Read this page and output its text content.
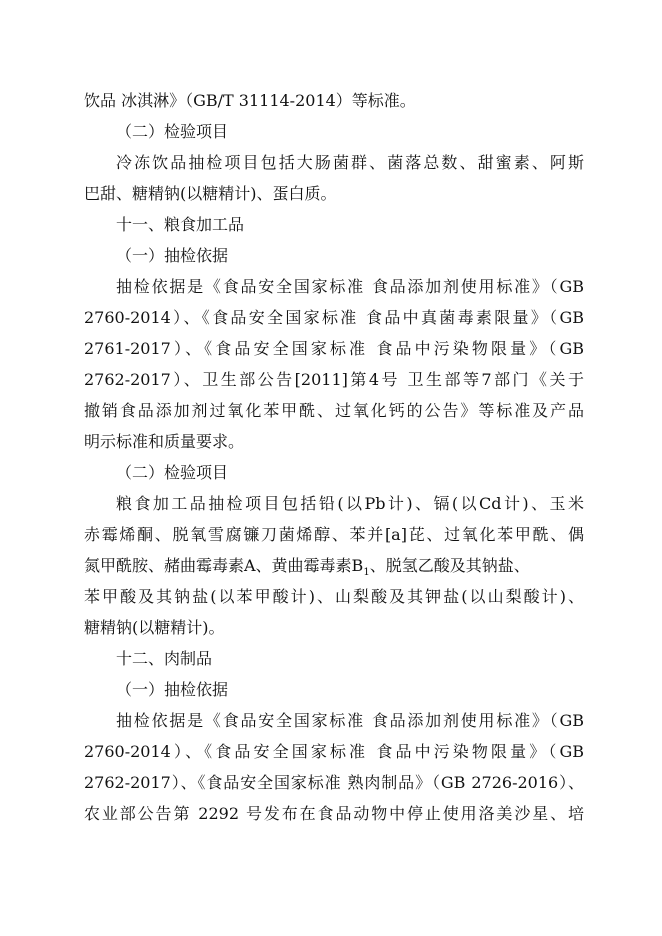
饮品 冰淇淋》（GB/T 31114-2014）等标准。
（二）检验项目
冷冻饮品抽检项目包括大肠菌群、菌落总数、甜蜜素、阿斯
巴甜、糖精钠(以糖精计)、蛋白质。
十一、粮食加工品
（一）抽检依据
抽检依据是《食品安全国家标准 食品添加剂使用标准》（GB
2760-2014）、《食品安全国家标准 食品中真菌毒素限量》（GB
2761-2017）、《食品安全国家标准 食品中污染物限量》（GB
2762-2017）、卫生部公告[2011]第4号 卫生部等7部门《关于
撤销食品添加剂过氧化苯甲酰、过氧化钙的公告》等标准及产品
明示标准和质量要求。
（二）检验项目
粮食加工品抽检项目包括铅(以Pb计)、镉(以Cd计)、玉米
赤霉烯酮、脱氧雪腐镰刀菌烯醇、苯并[a]芘、过氧化苯甲酰、偶
氮甲酰胺、赭曲霉毒素A、黄曲霉毒素$B_1$、脱氢乙酸及其钠盐、
苯甲酸及其钠盐(以苯甲酸计)、山梨酸及其钾盐(以山梨酸计)、
糖精钠(以糖精计)。
十二、肉制品
（一）抽检依据
抽检依据是《食品安全国家标准 食品添加剂使用标准》（GB
2760-2014）、《食品安全国家标准 食品中污染物限量》（GB
2762-2017）、《食品安全国家标准 熟肉制品》（GB 2726-2016）、
农业部公告第 2292 号发布在食品动物中停止使用洛美沙星、培
